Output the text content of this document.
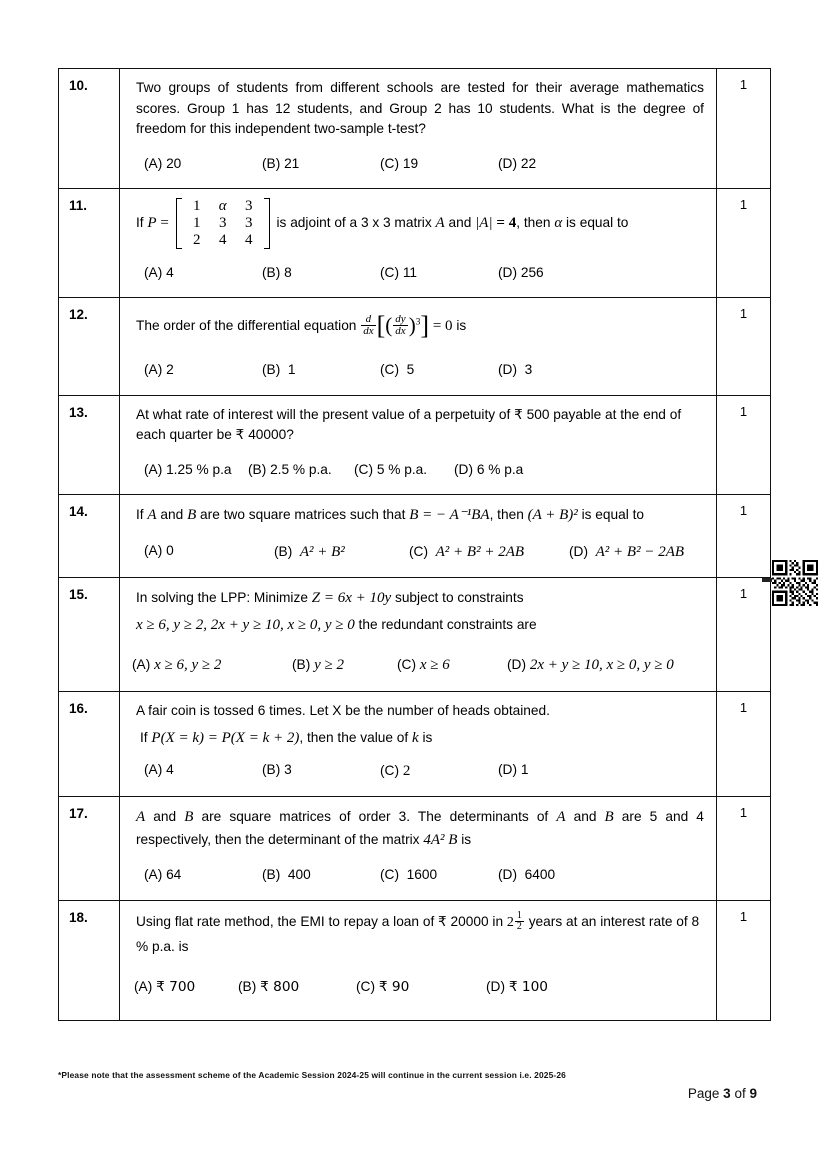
10.	Two groups of students from different schools are tested for their average mathematics scores. Group 1 has 12 students, and Group 2 has 10 students. What is the degree of freedom for this independent two-sample t-test?
(A) 20 (B) 21 (C) 19 (D) 22	1
11.	
If P =
1 α 3
1 3 3
2 4 4
is adjoint of a 3 x 3 matrix A and |A| = 4, then α is equal to
(A) 4	(B) 8	(C) 11	(D) 256
	1
12.	
The order of the differential equation $\frac{d}{dx}$ [( $\frac{dy}{dx} )^3] = 0$ is
(A) 2	(B) 1	(C) 5	(D) 3
	1
13.	At what rate of interest will the present value of a perpetuity of ₹ 500 payable at the end of each quarter be ₹ 40000?
(A) 1.25 % p.a (B) 2.5 % p.a. (C) 5 % p.a. (D) 6 % p.a	1
14.	If A and B are two square matrices such that B = − A⁻¹BA, then (A + B)² is equal to
(A) 0 (B) A² + B² (C) A² + B² + 2AB (D) A² + B² − 2AB	1

15.	In solving the LPP: Minimize Z = 6x + 10y subject to constraints
x ≥ 6, y ≥ 2, 2x + y ≥ 10, x ≥ 0, y ≥ 0 the redundant constraints are
(A) x ≥ 6, y ≥ 2 (B) y ≥ 2 (C) x ≥ 6 (D) 2x + y ≥ 10, x ≥ 0, y ≥ 0	1
16.	A fair coin is tossed 6 times. Let X be the number of heads obtained.
If P(X = k) = P(X = k + 2), then the value of k is
(A) 4 (B) 3 (C) 2 (D) 1	1
17.	A and B are square matrices of order 3. The determinants of A and B are 5 and 4 respectively, then the determinant of the matrix 4A² B is
(A) 64 (B) 400 (C) 1600 (D) 6400	1
18.	Using flat rate method, the EMI to repay a loan of ₹ 20000 in $2 \frac{1}{2}$ years at an interest rate of 8 % p.a. is
(A) ₹ 700 (B) ₹ 800 (C) ₹ 90 (D) ₹ 100	1
*Please note that the assessment scheme of the Academic Session 2024-25 will continue in the current session i.e. 2025-26
Page 3 of 9
